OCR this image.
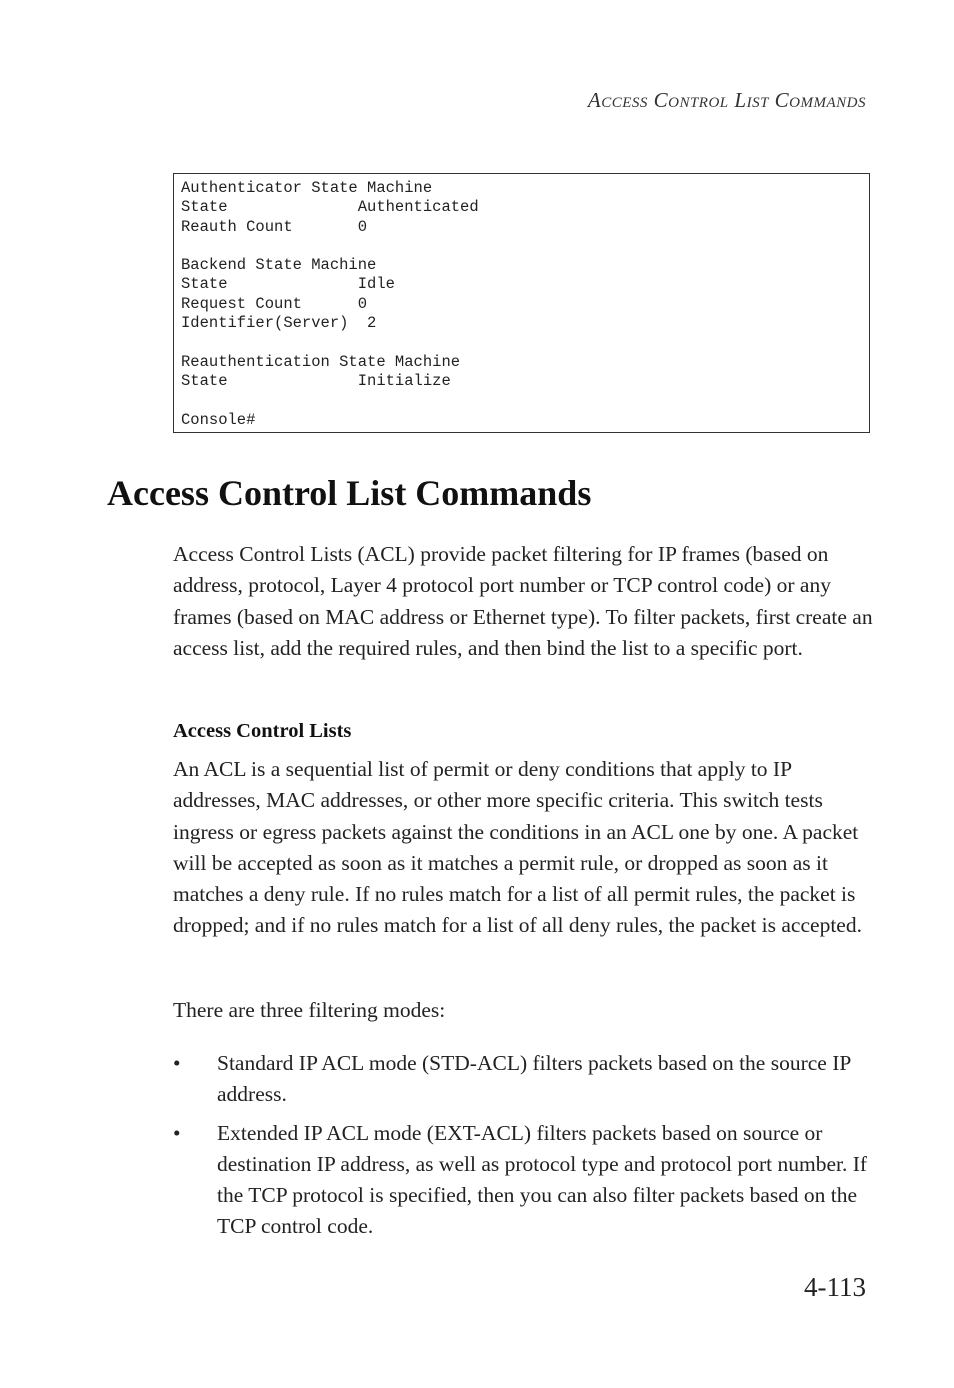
Access Control List Commands
Authenticator State Machine
State              Authenticated
Reauth Count       0

Backend State Machine
State              Idle
Request Count      0
Identifier(Server)  2

Reauthentication State Machine
State              Initialize

Console#
Access Control List Commands

Access Control Lists (ACL) provide packet filtering for IP frames (based on address, protocol, Layer 4 protocol port number or TCP control code) or any frames (based on MAC address or Ethernet type). To filter packets, first create an access list, add the required rules, and then bind the list to a specific port.

Access Control Lists

An ACL is a sequential list of permit or deny conditions that apply to IP addresses, MAC addresses, or other more specific criteria. This switch tests ingress or egress packets against the conditions in an ACL one by one. A packet will be accepted as soon as it matches a permit rule, or dropped as soon as it matches a deny rule. If no rules match for a list of all permit rules, the packet is dropped; and if no rules match for a list of all deny rules, the packet is accepted.

There are three filtering modes:

• Standard IP ACL mode (STD-ACL) filters packets based on the source IP address.
• Extended IP ACL mode (EXT-ACL) filters packets based on source or destination IP address, as well as protocol type and protocol port number. If the TCP protocol is specified, then you can also filter packets based on the TCP control code.
4-113
